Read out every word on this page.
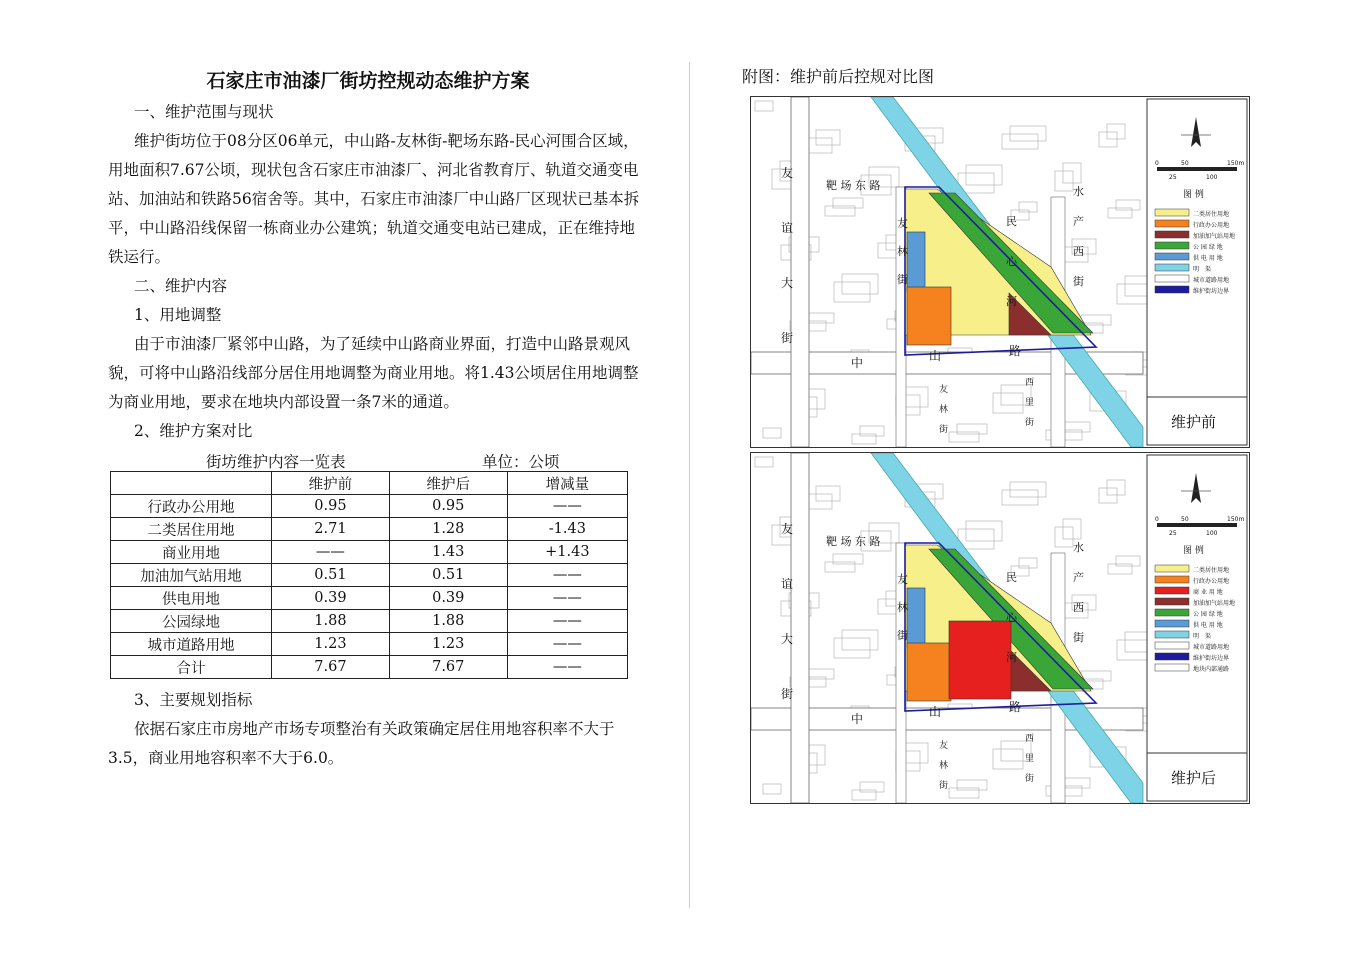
石家庄市油漆厂街坊控规动态维护方案
一、维护范围与现状
维护街坊位于08分区06单元，中山路-友林街-靶场东路-民心河围合区域，用地面积7.67公顷，现状包含石家庄市油漆厂、河北省教育厅、轨道交通变电站、加油站和铁路56宿舍等。其中，石家庄市油漆厂中山路厂区现状已基本拆平，中山路沿线保留一栋商业办公建筑；轨道交通变电站已建成，正在维持地铁运行。
二、维护内容
1、用地调整
由于市油漆厂紧邻中山路，为了延续中山路商业界面，打造中山路景观风貌，可将中山路沿线部分居住用地调整为商业用地。将1.43公顷居住用地调整为商业用地，要求在地块内部设置一条7米的通道。
2、维护方案对比
街坊维护内容一览表	单位：公顷
	维护前	维护后	增减量
行政办公用地	0.95	0.95	——
二类居住用地	2.71	1.28	-1.43
商业用地	——	1.43	+1.43
加油加气站用地	0.51	0.51	——
供电用地	0.39	0.39	——
公园绿地	1.88	1.88	——
城市道路用地	1.23	1.23	——
合计	7.67	7.67	——
3、主要规划指标
依据石家庄市房地产市场专项整治有关政策确定居住用地容积率不大于3.5，商业用地容积率不大于6.0。
附图：维护前后控规对比图
友
谊
大
街
靶 场 东 路
友
林
街
民
心
河
水
产
西
街
中	山	路
友
林
街
西
里
街
0	50	150m
25	100
图 例
二类居住用地
行政办公用地
加油加气站用地
公 园 绿 地
供 电 用 地
明　渠
城市道路用地
维护街坊边界
维护前
友
谊
大
街
靶 场 东 路
友
林
街
民
心
河
水
产
西
街
中	山	路
友
林
街
西
里
街
0	50	150m
25	100
图 例
二类居住用地
行政办公用地
商 业 用 地
加油加气站用地
公 园 绿 地
供 电 用 地
明　渠
城市道路用地
维护街坊边界
地块内部通路
维护后
